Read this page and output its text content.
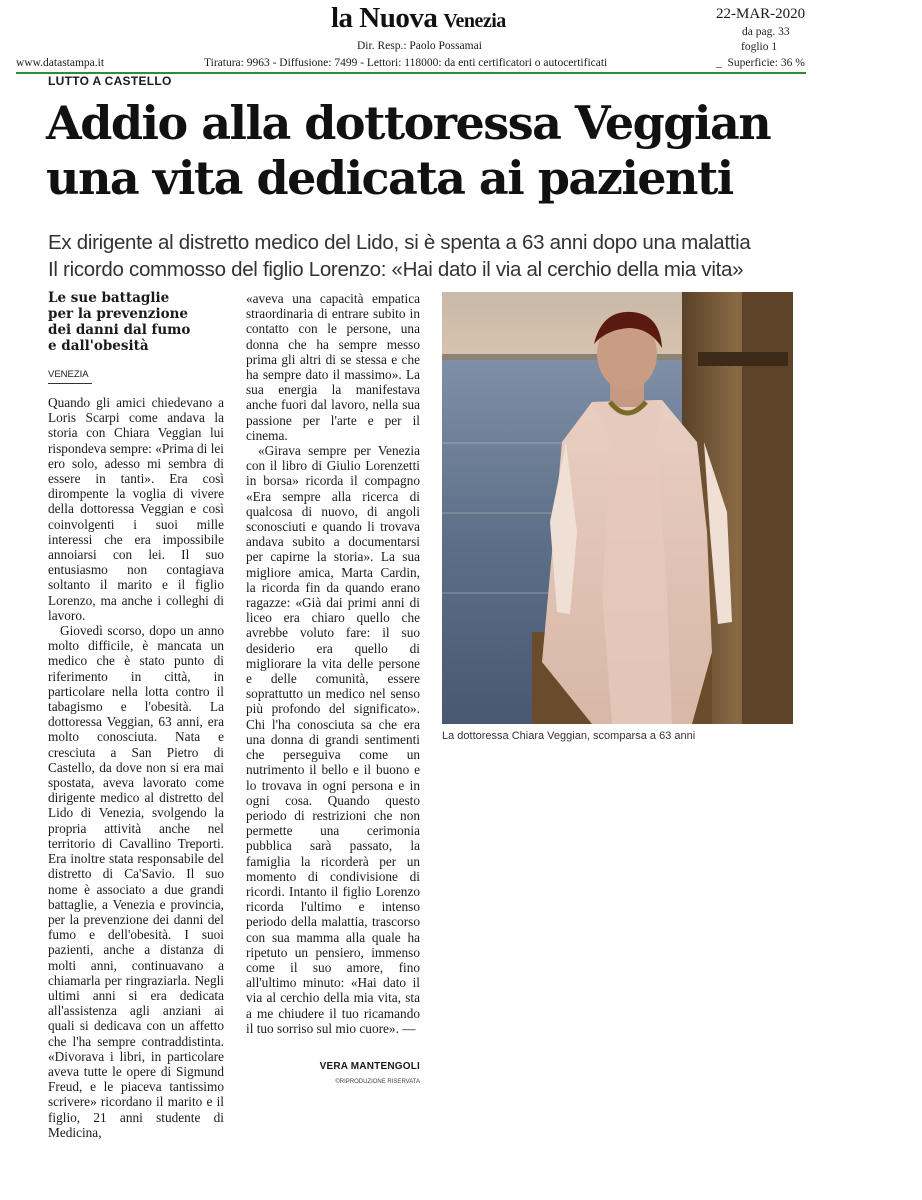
la Nuova Venezia	22-MAR-2020
da pag. 33
foglio 1
_  Superficie: 36 %
Dir. Resp.: Paolo Possamai
www.datastampa.it	Tiratura: 9963 - Diffusione: 7499 - Lettori: 118000: da enti certificatori o autocertificati
LUTTO A CASTELLO
Addio alla dottoressa Veggian
una vita dedicata ai pazienti
Ex dirigente al distretto medico del Lido, si è spenta a 63 anni dopo una malattia
Il ricordo commosso del figlio Lorenzo: «Hai dato il via al cerchio della mia vita»
Le sue battaglie per la prevenzione dei danni dal fumo e dall'obesità
VENEZIA

Quando gli amici chiedevano a Loris Scarpi come andava la storia con Chiara Veggian lui rispondeva sempre: «Prima di lei ero solo, adesso mi sembra di essere in tanti». Era così dirompente la voglia di vivere della dottoressa Veggian e così coinvolgenti i suoi mille interessi che era impossibile annoiarsi con lei. Il suo entusiasmo non contagiava soltanto il marito e il figlio Lorenzo, ma anche i colleghi di lavoro.

Giovedì scorso, dopo un anno molto difficile, è mancata un medico che è stato punto di riferimento in città, in particolare nella lotta contro il tabagismo e l'obesità. La dottoressa Veggian, 63 anni, era molto conosciuta. Nata e cresciuta a San Pietro di Castello, da dove non si era mai spostata, aveva lavorato come dirigente medico al distretto del Lido di Venezia, svolgendo la propria attività anche nel territorio di Cavallino Treporti. Era inoltre stata responsabile del distretto di Ca'Savio. Il suo nome è associato a due grandi battaglie, a Venezia e provincia, per la prevenzione dei danni del fumo e dell'obesità. I suoi pazienti, anche a distanza di molti anni, continuavano a chiamarla per ringraziarla. Negli ultimi anni si era dedicata all'assistenza agli anziani ai quali si dedicava con un affetto che l'ha sempre contraddistinta. «Divorava i libri, in particolare aveva tutte le opere di Sigmund Freud, e le piaceva tantissimo scrivere» ricordano il marito e il figlio, 21 anni studente di Medicina,

«aveva una capacità empatica straordinaria di entrare subito in contatto con le persone, una donna che ha sempre messo prima gli altri di se stessa e che ha sempre dato il massimo». La sua energia la manifestava anche fuori dal lavoro, nella sua passione per l'arte e per il cinema.

«Girava sempre per Venezia con il libro di Giulio Lorenzetti in borsa» ricorda il compagno «Era sempre alla ricerca di qualcosa di nuovo, di angoli sconosciuti e quando li trovava andava subito a documentarsi per capirne la storia». La sua migliore amica, Marta Cardin, la ricorda fin da quando erano ragazze: «Già dai primi anni di liceo era chiaro quello che avrebbe voluto fare: il suo desiderio era quello di migliorare la vita delle persone e delle comunità, essere soprattutto un medico nel senso più profondo del significato». Chi l'ha conosciuta sa che era una donna di grandi sentimenti che perseguiva come un nutrimento il bello e il buono e lo trovava in ogni persona e in ogni cosa. Quando questo periodo di restrizioni che non permette una cerimonia pubblica sarà passato, la famiglia la ricorderà per un momento di condivisione di ricordi. Intanto il figlio Lorenzo ricorda l'ultimo e intenso periodo della malattia, trascorso con sua mamma alla quale ha ripetuto un pensiero, immenso come il suo amore, fino all'ultimo minuto: «Hai dato il via al cerchio della mia vita, sta a me chiudere il tuo ricamando il tuo sorriso sul mio cuore». —

VERA MANTENGOLI
©RIPRODUZIONE RISERVATA
La dottoressa Chiara Veggian, scomparsa a 63 anni
